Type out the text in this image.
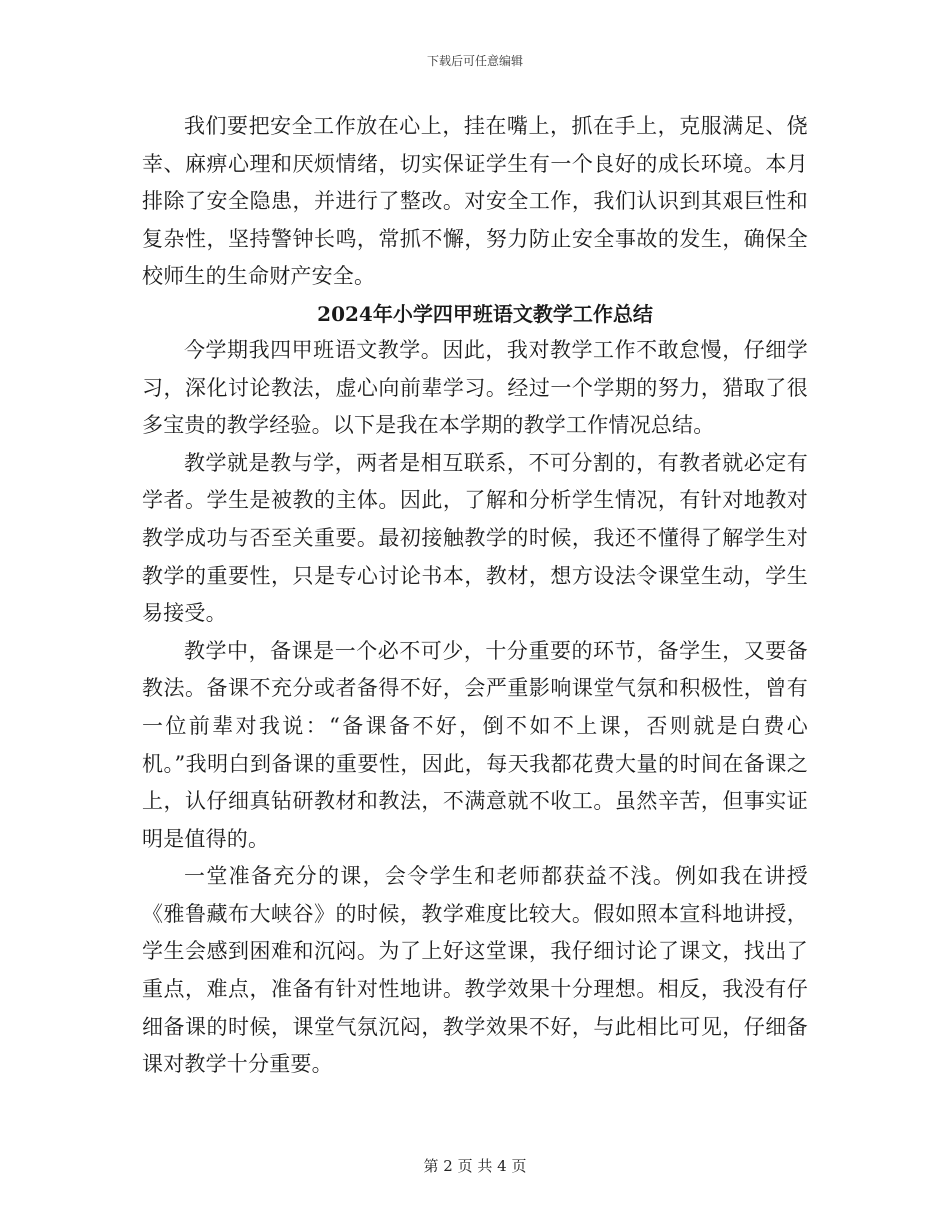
下载后可任意编辑

我们要把安全工作放在心上，挂在嘴上，抓在手上，克服满足、侥幸、麻痹心理和厌烦情绪，切实保证学生有一个良好的成长环境。本月排除了安全隐患，并进行了整改。对安全工作，我们认识到其艰巨性和复杂性，坚持警钟长鸣，常抓不懈，努力防止安全事故的发生，确保全校师生的生命财产安全。

2024年小学四甲班语文教学工作总结

今学期我四甲班语文教学。因此，我对教学工作不敢怠慢，仔细学习，深化讨论教法，虚心向前辈学习。经过一个学期的努力，猎取了很多宝贵的教学经验。以下是我在本学期的教学工作情况总结。

教学就是教与学，两者是相互联系，不可分割的，有教者就必定有学者。学生是被教的主体。因此，了解和分析学生情况，有针对地教对教学成功与否至关重要。最初接触教学的时候，我还不懂得了解学生对教学的重要性，只是专心讨论书本，教材，想方设法令课堂生动，学生易接受。

教学中，备课是一个必不可少，十分重要的环节，备学生，又要备教法。备课不充分或者备得不好，会严重影响课堂气氛和积极性，曾有一位前辈对我说：“备课备不好，倒不如不上课，否则就是白费心机。”我明白到备课的重要性，因此，每天我都花费大量的时间在备课之上，认仔细真钻研教材和教法，不满意就不收工。虽然辛苦，但事实证明是值得的。

一堂准备充分的课，会令学生和老师都获益不浅。例如我在讲授《雅鲁藏布大峡谷》的时候，教学难度比较大。假如照本宣科地讲授，学生会感到困难和沉闷。为了上好这堂课，我仔细讨论了课文，找出了重点，难点，准备有针对性地讲。教学效果十分理想。相反，我没有仔细备课的时候，课堂气氛沉闷，教学效果不好，与此相比可见，仔细备课对教学十分重要。

第 2 页 共 4 页
